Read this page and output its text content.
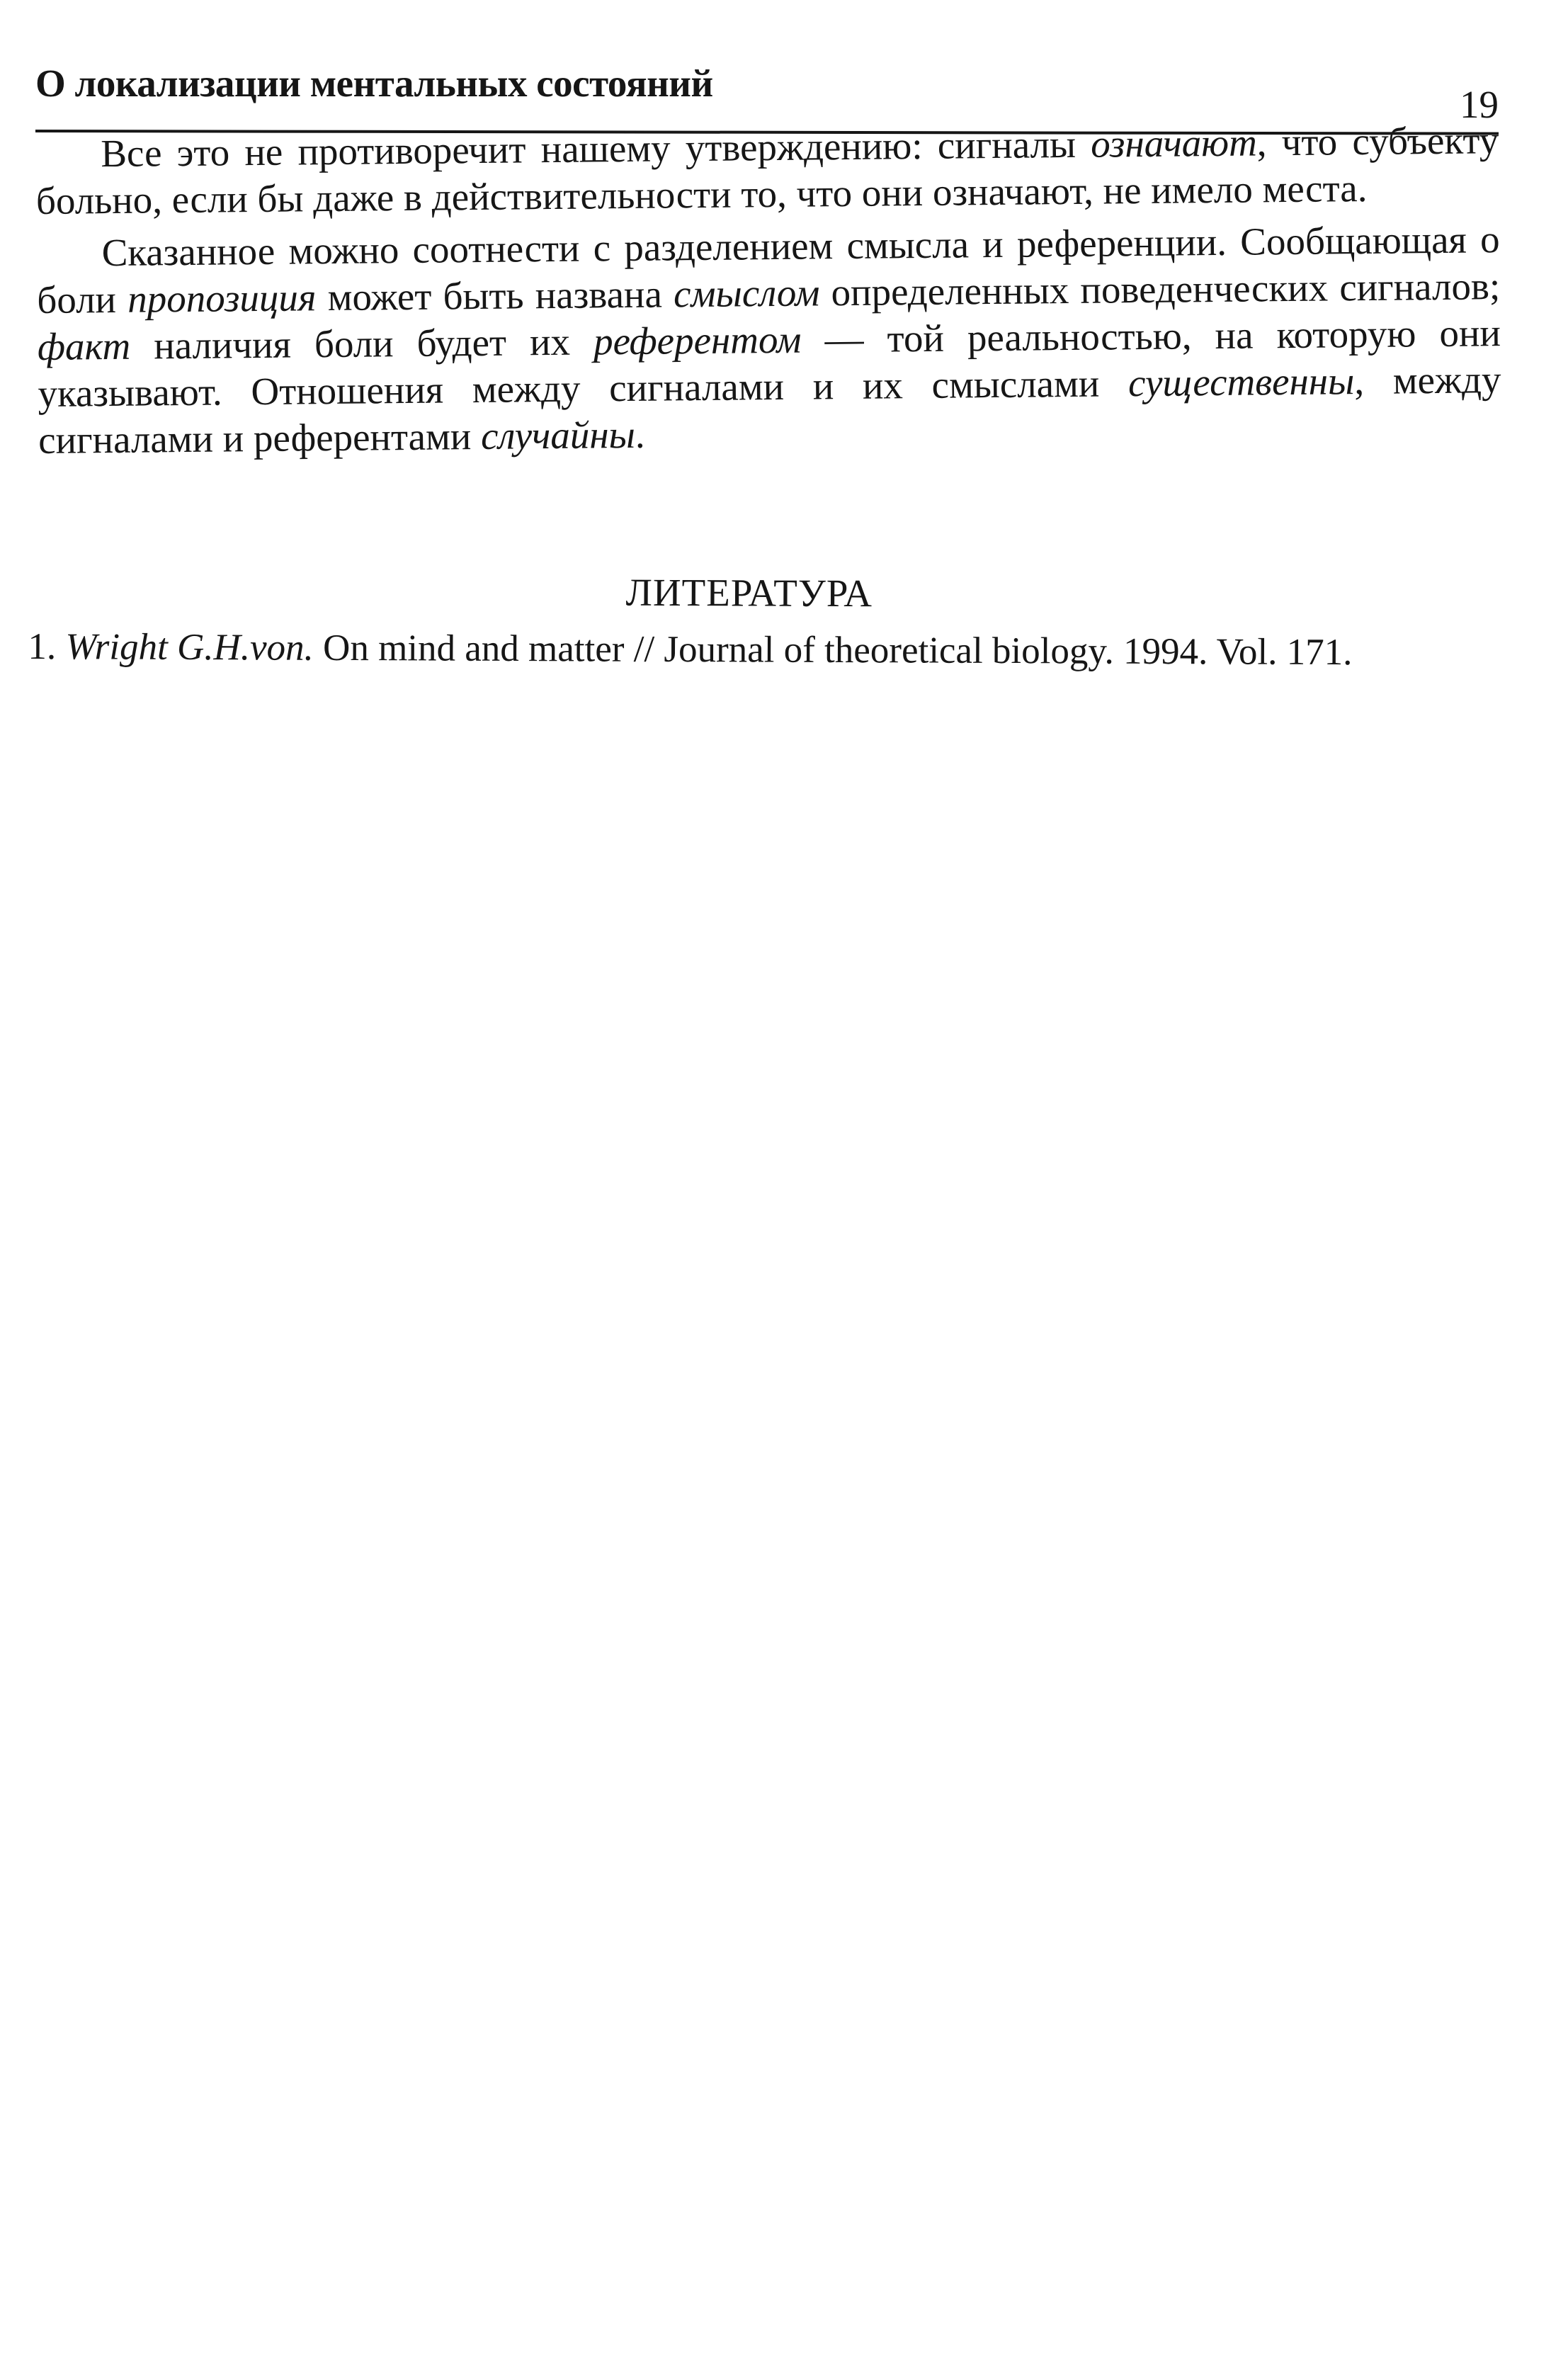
О локализации ментальных состояний	19

Все это не противоречит нашему утверждению: сигналы означают, что субъекту больно, если бы даже в действительности то, что они означают, не имело места.

Сказанное можно соотнести с разделением смысла и референции. Сообщающая о боли пропозиция может быть названа смыслом определенных поведенческих сигналов; факт наличия боли будет их референтом — той реальностью, на которую они указывают. Отношения между сигналами и их смыслами существенны, между сигналами и референтами случайны.

ЛИТЕРАТУРА
1. Wright G.H.von. On mind and matter // Journal of theoretical biology. 1994. Vol. 171.
